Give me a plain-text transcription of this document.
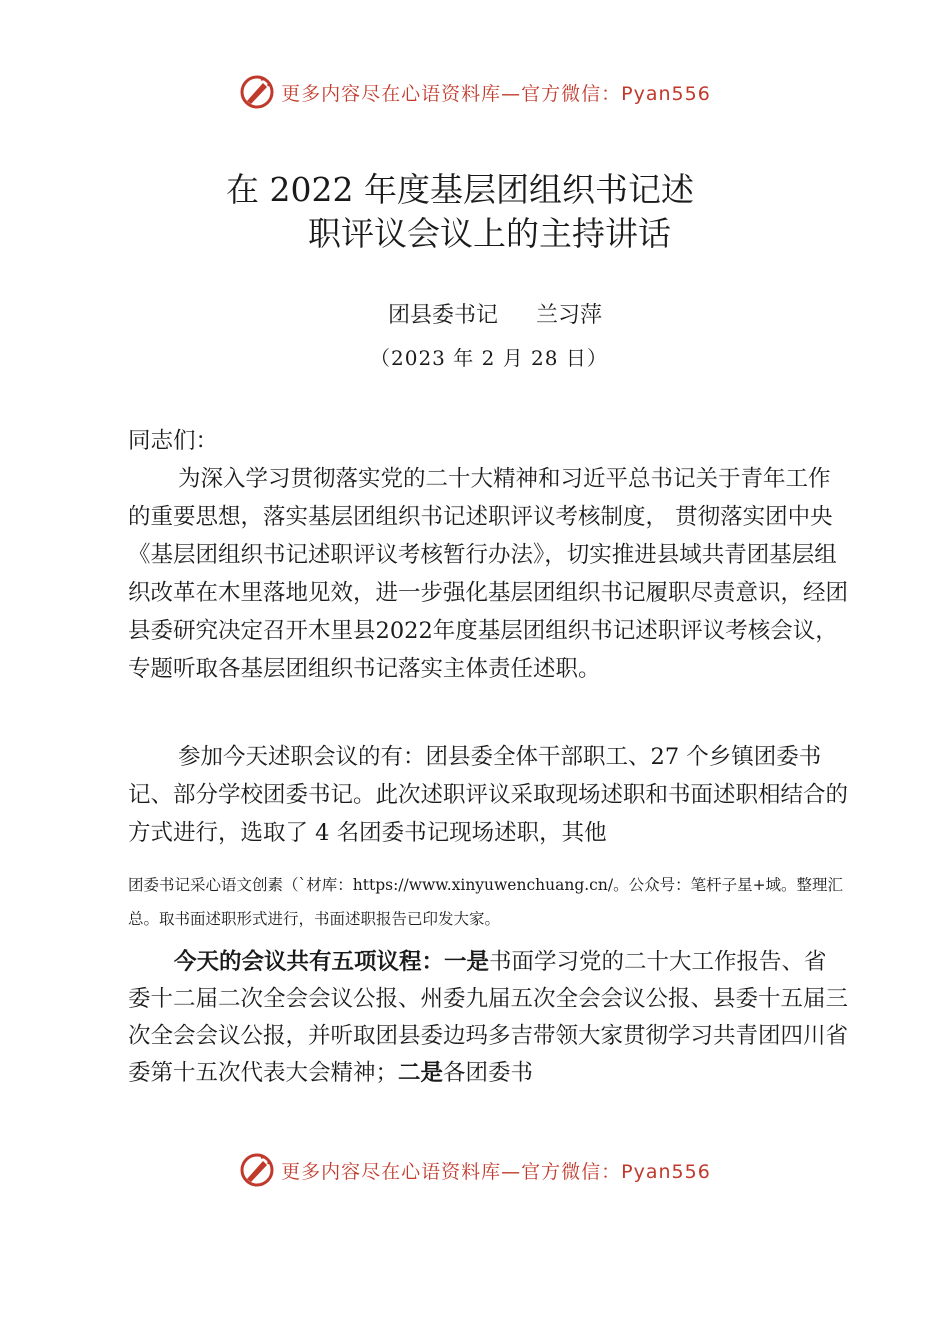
更多内容尽在心语资料库—官方微信：Pyan556
在 2022 年度基层团组织书记述
职评议会议上的主持讲话
团县委书记 兰习萍
（2023 年 2 月 28 日）
同志们：
为深入学习贯彻落实党的二十大精神和习近平总书记关于青年工作的重要思想，落实基层团组织书记述职评议考核制度， 贯彻落实团中央《基层团组织书记述职评议考核暂行办法》，切实推进县域共青团基层组织改革在木里落地见效，进一步强化基层团组织书记履职尽责意识，经团县委研究决定召开木里县2022年度基层团组织书记述职评议考核会议，专题听取各基层团组织书记落实主体责任述职。
参加今天述职会议的有：团县委全体干部职工、27 个乡镇团委书记、部分学校团委书记。此次述职评议采取现场述职和书面述职相结合的方式进行，选取了 4 名团委书记现场述职，其他
团委书记采心语文创素（`材库：https://www.xinyuwenchuang.cn/。公众号：笔杆子星+域。整理汇总。取书面述职形式进行，书面述职报告已印发大家。
今天的会议共有五项议程：一是书面学习党的二十大工作报告、省委十二届二次全会会议公报、州委九届五次全会会议公报、县委十五届三次全会会议公报，并听取团县委边玛多吉带领大家贯彻学习共青团四川省委第十五次代表大会精神；二是各团委书
更多内容尽在心语资料库—官方微信：Pyan556
